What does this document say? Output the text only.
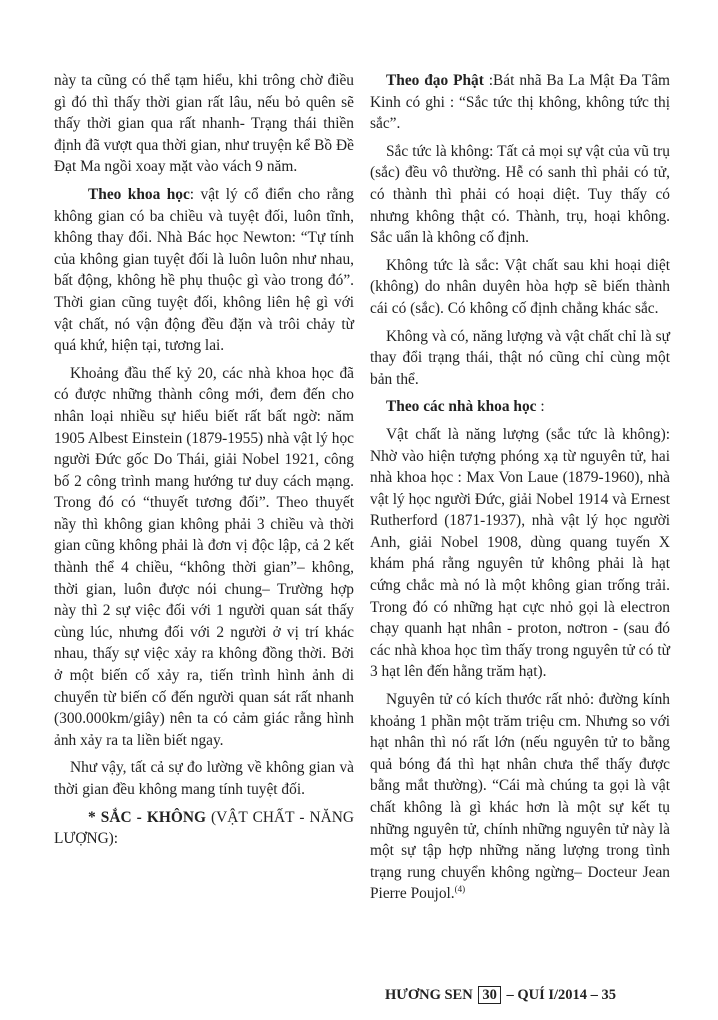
này ta cũng có thể tạm hiểu, khi trông chờ điều gì đó thì thấy thời gian rất lâu, nếu bỏ quên sẽ thấy thời gian qua rất nhanh- Trạng thái thiền định đã vượt qua thời gian, như truyện kể Bồ Đề Đạt Ma ngồi xoay mặt vào vách 9 năm.

Theo khoa học: vật lý cổ điển cho rằng không gian có ba chiều và tuyệt đối, luôn tĩnh, không thay đổi. Nhà Bác học Newton: “Tự tính của không gian tuyệt đối là luôn luôn như nhau, bất động, không hề phụ thuộc gì vào trong đó”. Thời gian cũng tuyệt đối, không liên hệ gì với vật chất, nó vận động đều đặn và trôi chảy từ quá khứ, hiện tại, tương lai.

Khoảng đầu thế kỷ 20, các nhà khoa học đã có được những thành công mới, đem đến cho nhân loại nhiều sự hiểu biết rất bất ngờ: năm 1905 Albest Einstein (1879-1955) nhà vật lý học người Đức gốc Do Thái, giải Nobel 1921, công bố 2 công trình mang hướng tư duy cách mạng. Trong đó có “thuyết tương đối”. Theo thuyết nầy thì không gian không phải 3 chiều và thời gian cũng không phải là đơn vị độc lập, cả 2 kết thành thể 4 chiều, “không thời gian”– không, thời gian, luôn được nói chung– Trường hợp này thì 2 sự việc đối với 1 người quan sát thấy cùng lúc, nhưng đối với 2 người ở vị trí khác nhau, thấy sự việc xảy ra không đồng thời. Bởi ở một biến cố xảy ra, tiến trình hình ảnh di chuyển từ biến cố đến người quan sát rất nhanh (300.000km/giây) nên ta có cảm giác rằng hình ảnh xảy ra ta liền biết ngay.

Như vậy, tất cả sự đo lường về không gian và thời gian đều không mang tính tuyệt đối.

* SẮC - KHÔNG (VẬT CHẤT - NĂNG LƯỢNG):

Theo đạo Phật :Bát nhã Ba La Mật Đa Tâm Kinh có ghi : “Sắc tức thị không, không tức thị sắc”.

Sắc tức là không: Tất cả mọi sự vật của vũ trụ (sắc) đều vô thường. Hễ có sanh thì phải có tử, có thành thì phải có hoại diệt. Tuy thấy có nhưng không thật có. Thành, trụ, hoại không. Sắc uẩn là không cố định.

Không tức là sắc: Vật chất sau khi hoại diệt (không) do nhân duyên hòa hợp sẽ biến thành cái có (sắc). Có không cố định chẳng khác sắc.

Không và có, năng lượng và vật chất chỉ là sự thay đổi trạng thái, thật nó cũng chỉ cùng một bản thể.

Theo các nhà khoa học :

Vật chất là năng lượng (sắc tức là không): Nhờ vào hiện tượng phóng xạ từ nguyên tử, hai nhà khoa học : Max Von Laue (1879-1960), nhà vật lý học người Đức, giải Nobel 1914 và Ernest Rutherford (1871-1937), nhà vật lý học người Anh, giải Nobel 1908, dùng quang tuyến X khám phá rằng nguyên tử không phải là hạt cứng chắc mà nó là một không gian trống trải. Trong đó có những hạt cực nhỏ gọi là electron chạy quanh hạt nhân - proton, nơtron - (sau đó các nhà khoa học tìm thấy trong nguyên tử có từ 3 hạt lên đến hằng trăm hạt).

Nguyên tử có kích thước rất nhỏ: đường kính khoảng 1 phần một trăm triệu cm. Nhưng so với hạt nhân thì nó rất lớn (nếu nguyên tử to bằng quả bóng đá thì hạt nhân chưa thể thấy được bằng mắt thường). “Cái mà chúng ta gọi là vật chất không là gì khác hơn là một sự kết tụ những nguyên tử, chính những nguyên tử này là một sự tập hợp những năng lượng trong tình trạng rung chuyển không ngừng– Docteur Jean Pierre Poujol.$^{(4)}$

HƯƠNG SEN 30 – QUÍ I/2014 – 35
